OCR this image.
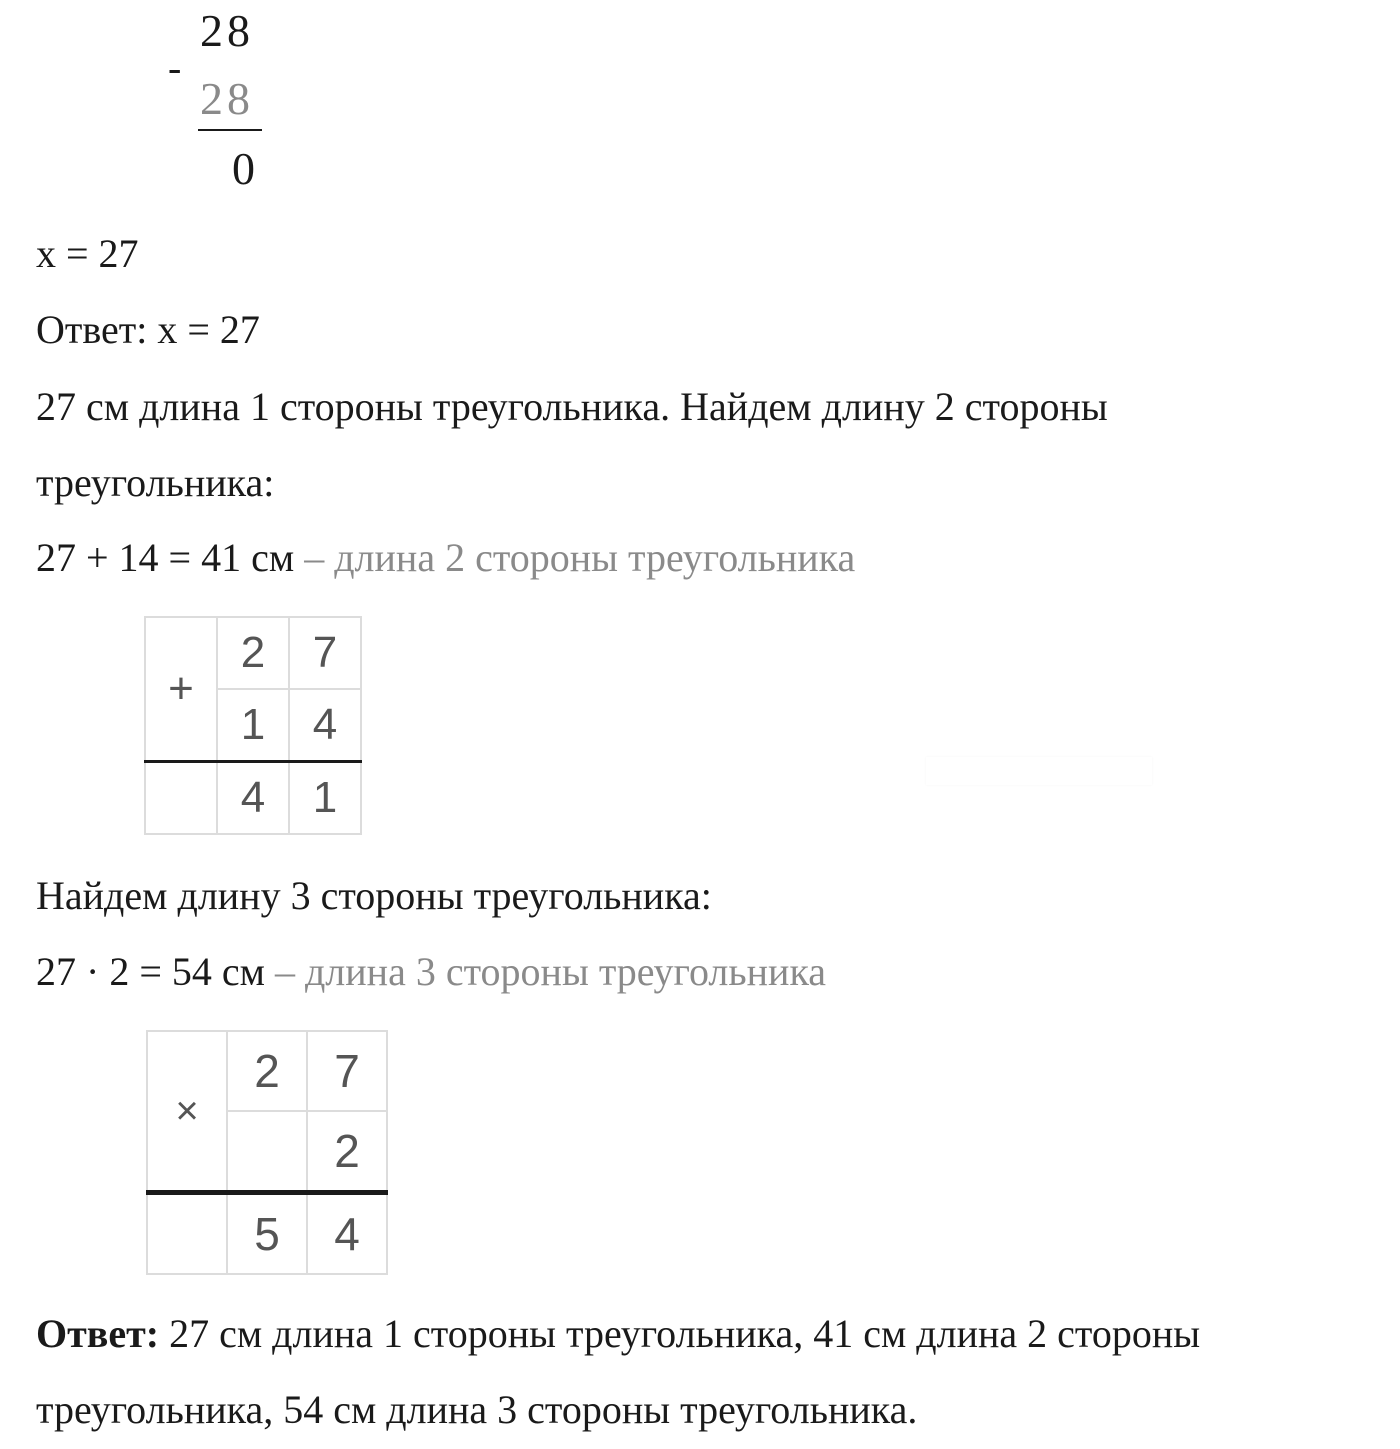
28
-
28
0
x = 27
Ответ: x = 27
27 см длина 1 стороны треугольника. Найдем длину 2 стороны
треугольника:
27 + 14 = 41 см – длина 2 стороны треугольника
+	2	7
	1	4
	4	1
Найдем длину 3 стороны треугольника:
27 · 2 = 54 см – длина 3 стороны треугольника
×	2	7
		2
	5	4
Ответ: 27 см длина 1 стороны треугольника, 41 см длина 2 стороны
треугольника, 54 см длина 3 стороны треугольника.
